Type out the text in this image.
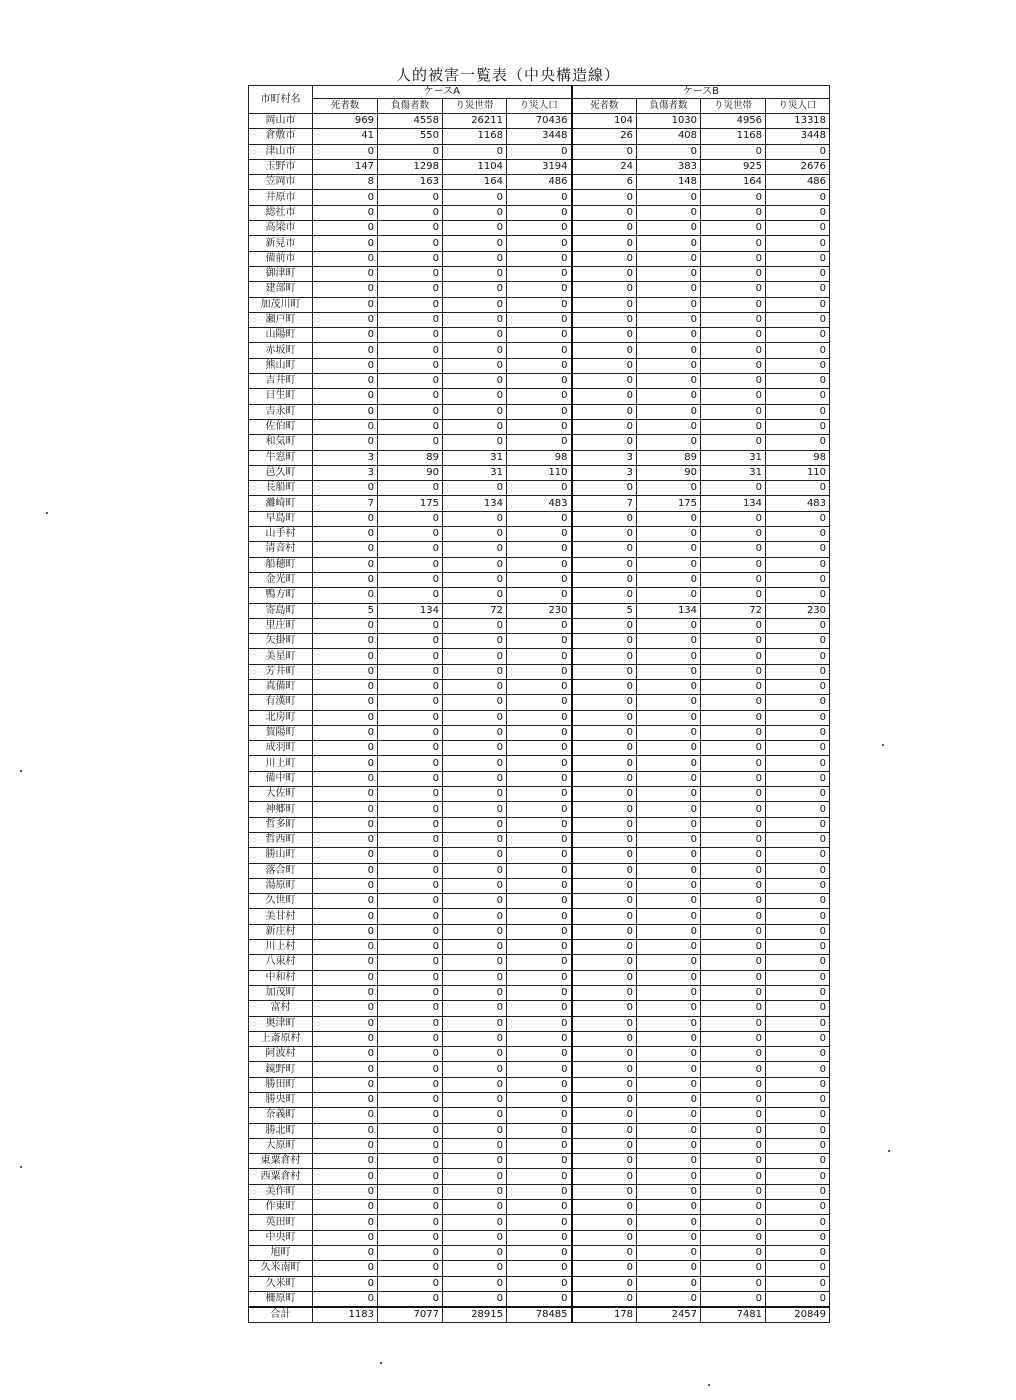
人的被害一覧表（中央構造線）
市町村名	ケースA				ケースB			
	死者数	負傷者数	り災世帯	り災人口	死者数	負傷者数	り災世帯	り災人口
岡山市	969	4558	26211	70436	104	1030	4956	13318
倉敷市	41	550	1168	3448	26	408	1168	3448
津山市	0	0	0	0	0	0	0	0
玉野市	147	1298	1104	3194	24	383	925	2676
笠岡市	8	163	164	486	6	148	164	486
井原市	0	0	0	0	0	0	0	0
総社市	0	0	0	0	0	0	0	0
高梁市	0	0	0	0	0	0	0	0
新見市	0	0	0	0	0	0	0	0
備前市	0	0	0	0	0	0	0	0
御津町	0	0	0	0	0	0	0	0
建部町	0	0	0	0	0	0	0	0
加茂川町	0	0	0	0	0	0	0	0
瀬戸町	0	0	0	0	0	0	0	0
山陽町	0	0	0	0	0	0	0	0
赤坂町	0	0	0	0	0	0	0	0
熊山町	0	0	0	0	0	0	0	0
吉井町	0	0	0	0	0	0	0	0
日生町	0	0	0	0	0	0	0	0
吉永町	0	0	0	0	0	0	0	0
佐伯町	0	0	0	0	0	0	0	0
和気町	0	0	0	0	0	0	0	0
牛窓町	3	89	31	98	3	89	31	98
邑久町	3	90	31	110	3	90	31	110
長船町	0	0	0	0	0	0	0	0
灘崎町	7	175	134	483	7	175	134	483
早島町	0	0	0	0	0	0	0	0
山手村	0	0	0	0	0	0	0	0
清音村	0	0	0	0	0	0	0	0
船穂町	0	0	0	0	0	0	0	0
金光町	0	0	0	0	0	0	0	0
鴨方町	0	0	0	0	0	0	0	0
寄島町	5	134	72	230	5	134	72	230
里庄町	0	0	0	0	0	0	0	0
矢掛町	0	0	0	0	0	0	0	0
美星町	0	0	0	0	0	0	0	0
芳井町	0	0	0	0	0	0	0	0
真備町	0	0	0	0	0	0	0	0
有漢町	0	0	0	0	0	0	0	0
北房町	0	0	0	0	0	0	0	0
賀陽町	0	0	0	0	0	0	0	0
成羽町	0	0	0	0	0	0	0	0
川上町	0	0	0	0	0	0	0	0
備中町	0	0	0	0	0	0	0	0
大佐町	0	0	0	0	0	0	0	0
神郷町	0	0	0	0	0	0	0	0
哲多町	0	0	0	0	0	0	0	0
哲西町	0	0	0	0	0	0	0	0
勝山町	0	0	0	0	0	0	0	0
落合町	0	0	0	0	0	0	0	0
湯原町	0	0	0	0	0	0	0	0
久世町	0	0	0	0	0	0	0	0
美甘村	0	0	0	0	0	0	0	0
新庄村	0	0	0	0	0	0	0	0
川上村	0	0	0	0	0	0	0	0
八束村	0	0	0	0	0	0	0	0
中和村	0	0	0	0	0	0	0	0
加茂町	0	0	0	0	0	0	0	0
富村	0	0	0	0	0	0	0	0
奥津町	0	0	0	0	0	0	0	0
上斎原村	0	0	0	0	0	0	0	0
阿波村	0	0	0	0	0	0	0	0
鏡野町	0	0	0	0	0	0	0	0
勝田町	0	0	0	0	0	0	0	0
勝央町	0	0	0	0	0	0	0	0
奈義町	0	0	0	0	0	0	0	0
勝北町	0	0	0	0	0	0	0	0
大原町	0	0	0	0	0	0	0	0
東粟倉村	0	0	0	0	0	0	0	0
西粟倉村	0	0	0	0	0	0	0	0
美作町	0	0	0	0	0	0	0	0
作東町	0	0	0	0	0	0	0	0
英田町	0	0	0	0	0	0	0	0
中央町	0	0	0	0	0	0	0	0
旭町	0	0	0	0	0	0	0	0
久米南町	0	0	0	0	0	0	0	0
久米町	0	0	0	0	0	0	0	0
柵原町	0	0	0	0	0	0	0	0
合計	1183	7077	28915	78485	178	2457	7481	20849
